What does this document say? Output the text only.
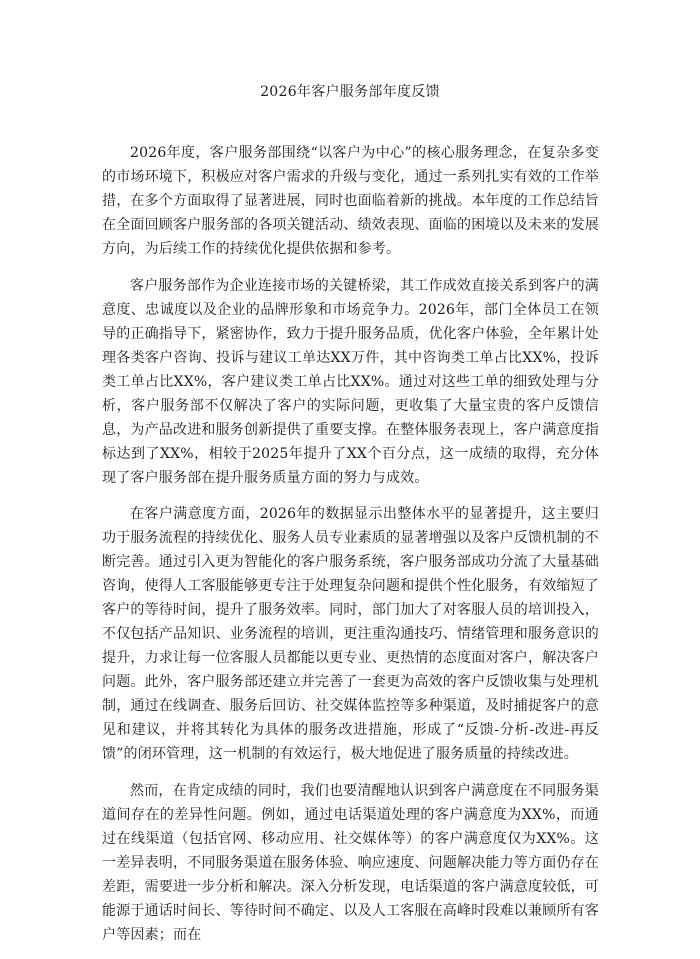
2026年客户服务部年度反馈

2026年度，客户服务部围绕“以客户为中心”的核心服务理念，在复杂多变的市场环境下，积极应对客户需求的升级与变化，通过一系列扎实有效的工作举措，在多个方面取得了显著进展，同时也面临着新的挑战。本年度的工作总结旨在全面回顾客户服务部的各项关键活动、绩效表现、面临的困境以及未来的发展方向，为后续工作的持续优化提供依据和参考。

客户服务部作为企业连接市场的关键桥梁，其工作成效直接关系到客户的满意度、忠诚度以及企业的品牌形象和市场竞争力。2026年，部门全体员工在领导的正确指导下，紧密协作，致力于提升服务品质，优化客户体验，全年累计处理各类客户咨询、投诉与建议工单达XX万件，其中咨询类工单占比XX%，投诉类工单占比XX%，客户建议类工单占比XX%。通过对这些工单的细致处理与分析，客户服务部不仅解决了客户的实际问题，更收集了大量宝贵的客户反馈信息，为产品改进和服务创新提供了重要支撑。在整体服务表现上，客户满意度指标达到了XX%，相较于2025年提升了XX个百分点，这一成绩的取得，充分体现了客户服务部在提升服务质量方面的努力与成效。

在客户满意度方面，2026年的数据显示出整体水平的显著提升，这主要归功于服务流程的持续优化、服务人员专业素质的显著增强以及客户反馈机制的不断完善。通过引入更为智能化的客户服务系统，客户服务部成功分流了大量基础咨询，使得人工客服能够更专注于处理复杂问题和提供个性化服务，有效缩短了客户的等待时间，提升了服务效率。同时，部门加大了对客服人员的培训投入，不仅包括产品知识、业务流程的培训，更注重沟通技巧、情绪管理和服务意识的提升，力求让每一位客服人员都能以更专业、更热情的态度面对客户，解决客户问题。此外，客户服务部还建立并完善了一套更为高效的客户反馈收集与处理机制，通过在线调查、服务后回访、社交媒体监控等多种渠道，及时捕捉客户的意见和建议，并将其转化为具体的服务改进措施，形成了“反馈-分析-改进-再反馈”的闭环管理，这一机制的有效运行，极大地促进了服务质量的持续改进。

然而，在肯定成绩的同时，我们也要清醒地认识到客户满意度在不同服务渠道间存在的差异性问题。例如，通过电话渠道处理的客户满意度为XX%，而通过在线渠道（包括官网、移动应用、社交媒体等）的客户满意度仅为XX%。这一差异表明，不同服务渠道在服务体验、响应速度、问题解决能力等方面仍存在差距，需要进一步分析和解决。深入分析发现，电话渠道的客户满意度较低，可能源于通话时间长、等待时间不确定、以及人工客服在高峰时段难以兼顾所有客户等因素；而在
